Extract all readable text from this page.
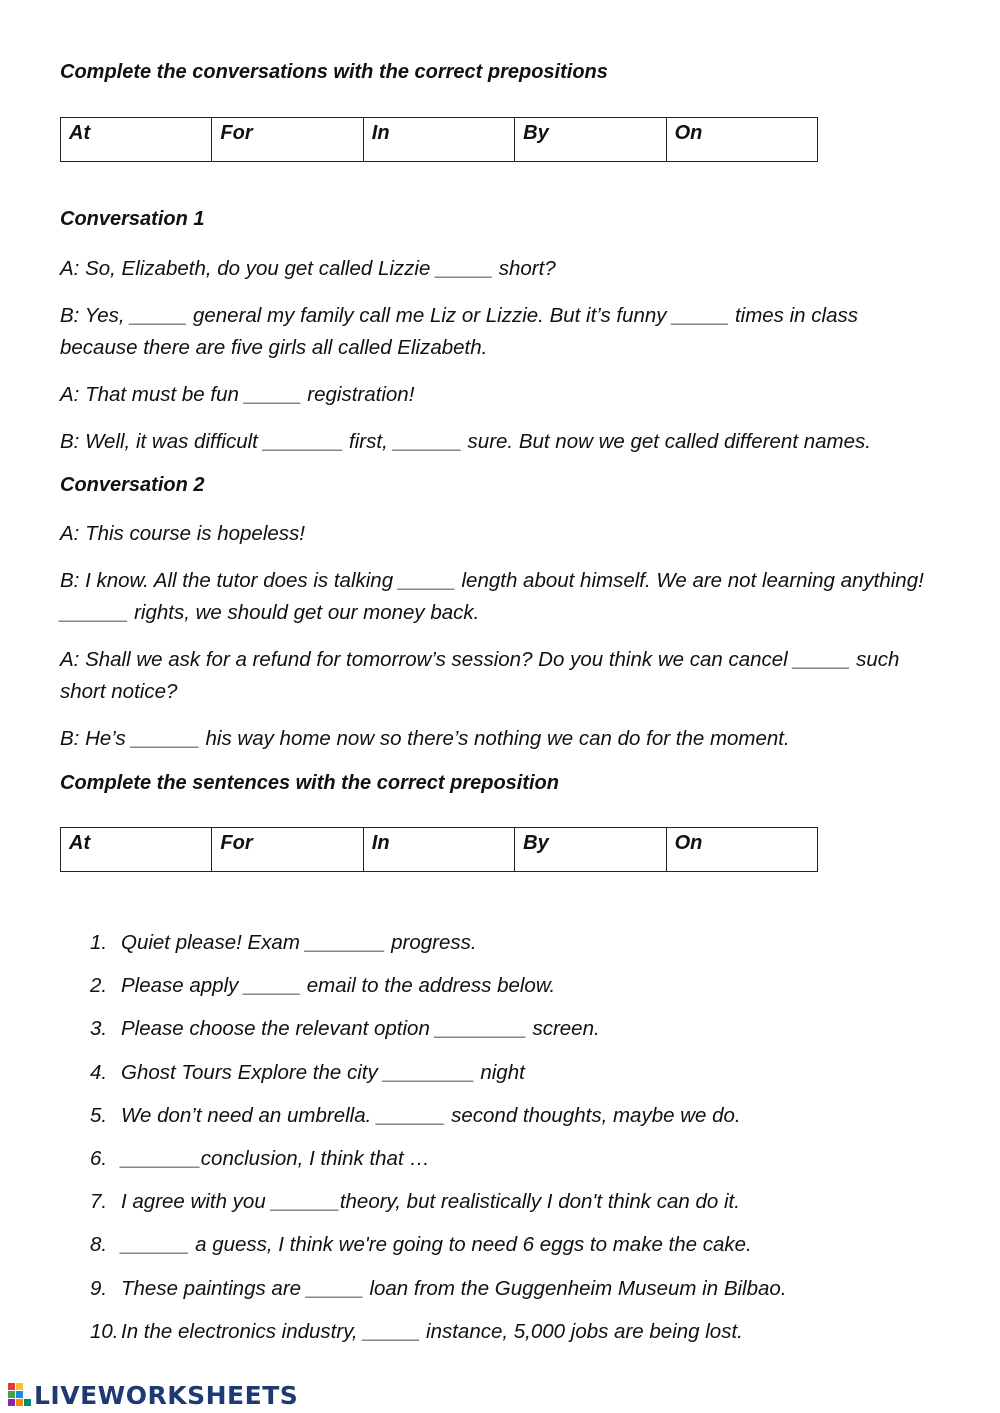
Complete the conversations with the correct prepositions
At	For	In	By	On
Conversation 1
A: So, Elizabeth, do you get called Lizzie _____ short?
B: Yes, _____ general my family call me Liz or Lizzie. But it’s funny _____ times in class because there are five girls all called Elizabeth.
A: That must be fun _____ registration!
B: Well, it was difficult _______ first, ______ sure. But now we get called different names.
Conversation 2
A: This course is hopeless!
B: I know. All the tutor does is talking _____ length about himself. We are not learning anything! ______ rights, we should get our money back.
A: Shall we ask for a refund for tomorrow’s session? Do you think we can cancel _____ such short notice?
B: He’s ______ his way home now so there’s nothing we can do for the moment.
Complete the sentences with the correct preposition
At	For	In	By	On
1. Quiet please! Exam _______ progress.
2. Please apply _____ email to the address below.
3. Please choose the relevant option ________ screen.
4. Ghost Tours Explore the city ________ night
5. We don’t need an umbrella. ______ second thoughts, maybe we do.
6. _______conclusion, I think that …
7. I agree with you ______theory, but realistically I don't think can do it.
8. ______ a guess, I think we're going to need 6 eggs to make the cake.
9. These paintings are _____ loan from the Guggenheim Museum in Bilbao.
10. In the electronics industry, _____ instance, 5,000 jobs are being lost.
LIVEWORKSHEETS
